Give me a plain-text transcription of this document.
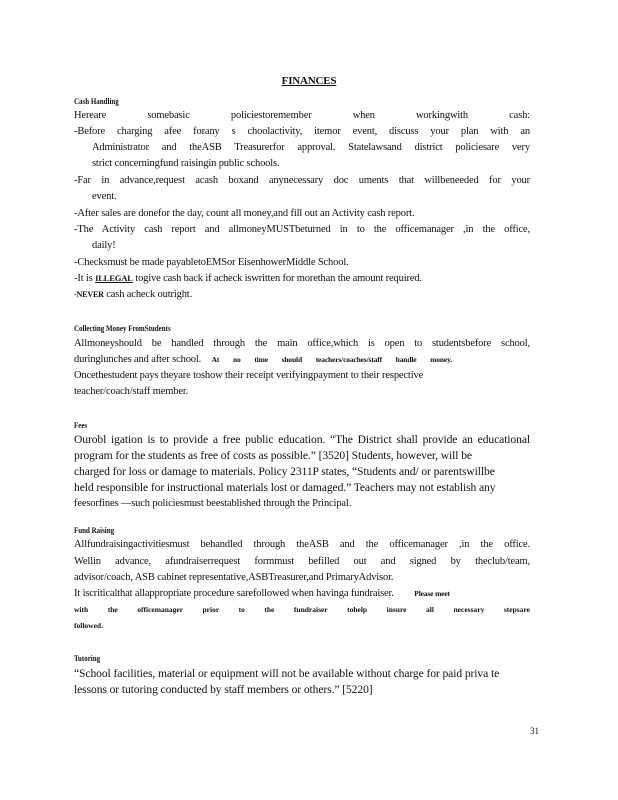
FINANCES
Cash Handling
Hereare somebasic policiestoremember when workingwith cash:
-Before charging afee forany s choolactivity, itemor event, discuss your plan with an
Administrator and theASB Treasurerfor approval. Statelawsand district policiesare very
strict concerningfund raisingin public schools.
-Far in advance,request acash boxand anynecessary doc uments that willbeneeded for your
event.
-After sales are donefor the day, count all money,and fill out an Activity cash report.
-The Activity cash report and allmoneyMUSTbeturned in to the officemanager ,in the office,
daily!
-Checksmust be made payabletoEMSor EisenhowerMiddle School.
-It is ILLEGAL togive cash back if acheck iswritten for morethan the amount required.
-NEVER cash acheck outright.
Collecting Money FromStudents
Allmoneyshould be handled through the main office,which is open to studentsbefore school,
duringlunches and after school. At no time should teachers/coaches/staff handle money.
Oncethestudent pays theyare toshow their receipt verifyingpayment to their respective
teacher/coach/staff member.
Fees
Ourobl igation is to provide a free public education. “The District shall provide an educational
program for the students as free of costs as possible.” [3520] Students, however, will be
charged for loss or damage to materials. Policy 2311P states, “Students and/ or parentswillbe
held responsible for instructional materials lost or damaged.” Teachers may not establish any
feesorfines —such policiesmust beestablished through the Principal.
Fund Raising
Allfundraisingactivitiesmust behandled through theASB and the officemanager ,in the office.
Wellin advance, afundraiserrequest formmust befilled out and signed by theclub/team,
advisor/coach, ASB cabinet representative,ASBTreasurer,and PrimaryAdvisor.
It iscriticalthat allappropriate procedure sarefollowed when havinga fundraiser.	Please meet
with the officemanager prior to the fundraiser tohelp insure all necessary stepsare
followed.
Tutoring
“School facilities, material or equipment will not be available without charge for paid priva te
lessons or tutoring conducted by staff members or others.” [5220]
31
